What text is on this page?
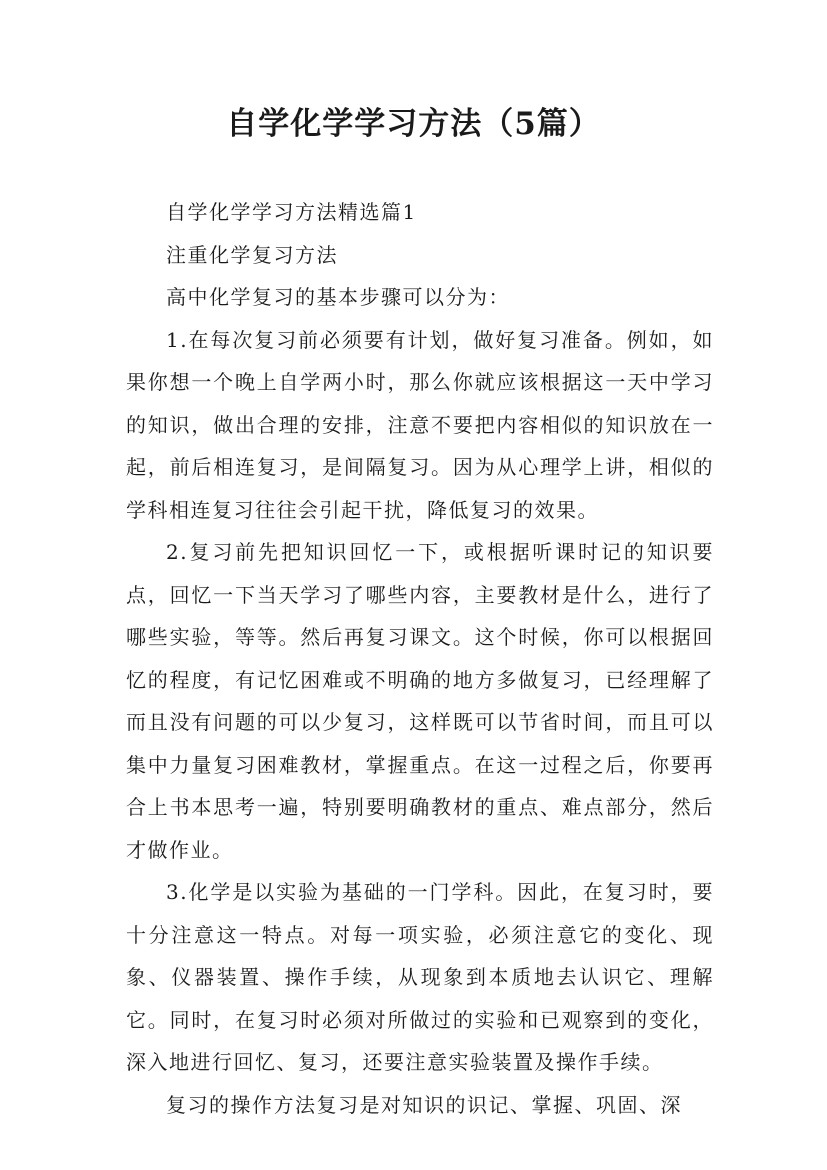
自学化学学习方法（5篇）

自学化学学习方法精选篇1

注重化学复习方法

高中化学复习的基本步骤可以分为：

1.在每次复习前必须要有计划，做好复习准备。例如，如果你想一个晚上自学两小时，那么你就应该根据这一天中学习的知识，做出合理的安排，注意不要把内容相似的知识放在一起，前后相连复习，是间隔复习。因为从心理学上讲，相似的学科相连复习往往会引起干扰，降低复习的效果。

2.复习前先把知识回忆一下，或根据听课时记的知识要点，回忆一下当天学习了哪些内容，主要教材是什么，进行了哪些实验，等等。然后再复习课文。这个时候，你可以根据回忆的程度，有记忆困难或不明确的地方多做复习，已经理解了而且没有问题的可以少复习，这样既可以节省时间，而且可以集中力量复习困难教材，掌握重点。在这一过程之后，你要再合上书本思考一遍，特别要明确教材的重点、难点部分，然后才做作业。

3.化学是以实验为基础的一门学科。因此，在复习时，要十分注意这一特点。对每一项实验，必须注意它的变化、现象、仪器装置、操作手续，从现象到本质地去认识它、理解它。同时，在复习时必须对所做过的实验和已观察到的变化，深入地进行回忆、复习，还要注意实验装置及操作手续。

复习的操作方法复习是对知识的识记、掌握、巩固、深
